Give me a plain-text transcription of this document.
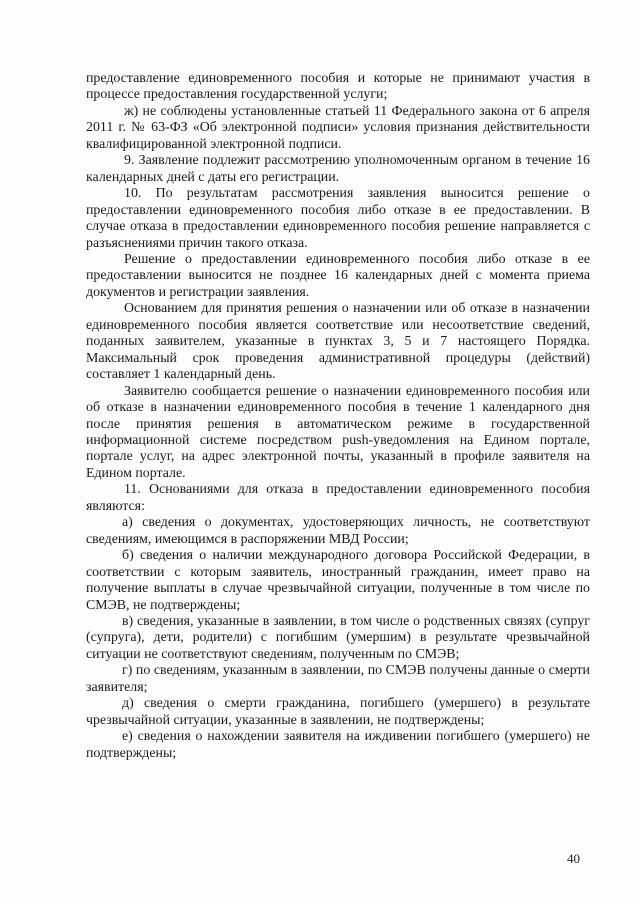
предоставление единовременного пособия и которые не принимают участия в процессе предоставления государственной услуги;

ж) не соблюдены установленные статьей 11 Федерального закона от 6 апреля 2011 г. № 63-ФЗ «Об электронной подписи» условия признания действительности квалифицированной электронной подписи.

9. Заявление подлежит рассмотрению уполномоченным органом в течение 16 календарных дней с даты его регистрации.

10. По результатам рассмотрения заявления выносится решение о предоставлении единовременного пособия либо отказе в ее предоставлении. В случае отказа в предоставлении единовременного пособия решение направляется с разъяснениями причин такого отказа.

Решение о предоставлении единовременного пособия либо отказе в ее предоставлении выносится не позднее 16 календарных дней с момента приема документов и регистрации заявления.

Основанием для принятия решения о назначении или об отказе в назначении единовременного пособия является соответствие или несоответствие сведений, поданных заявителем, указанные в пунктах 3, 5 и 7 настоящего Порядка. Максимальный срок проведения административной процедуры (действий) составляет 1 календарный день.

Заявителю сообщается решение о назначении единовременного пособия или об отказе в назначении единовременного пособия в течение 1 календарного дня после принятия решения в автоматическом режиме в государственной информационной системе посредством push-уведомления на Едином портале, портале услуг, на адрес электронной почты, указанный в профиле заявителя на Едином портале.

11. Основаниями для отказа в предоставлении единовременного пособия являются:

а) сведения о документах, удостоверяющих личность, не соответствуют сведениям, имеющимся в распоряжении МВД России;

б) сведения о наличии международного договора Российской Федерации, в соответствии с которым заявитель, иностранный гражданин, имеет право на получение выплаты в случае чрезвычайной ситуации, полученные в том числе по СМЭВ, не подтверждены;

в) сведения, указанные в заявлении, в том числе о родственных связях (супруг (супруга), дети, родители) с погибшим (умершим) в результате чрезвычайной ситуации не соответствуют сведениям, полученным по СМЭВ;

г) по сведениям, указанным в заявлении, по СМЭВ получены данные о смерти заявителя;

д) сведения о смерти гражданина, погибшего (умершего) в результате чрезвычайной ситуации, указанные в заявлении, не подтверждены;

е) сведения о нахождении заявителя на иждивении погибшего (умершего) не подтверждены;

40
